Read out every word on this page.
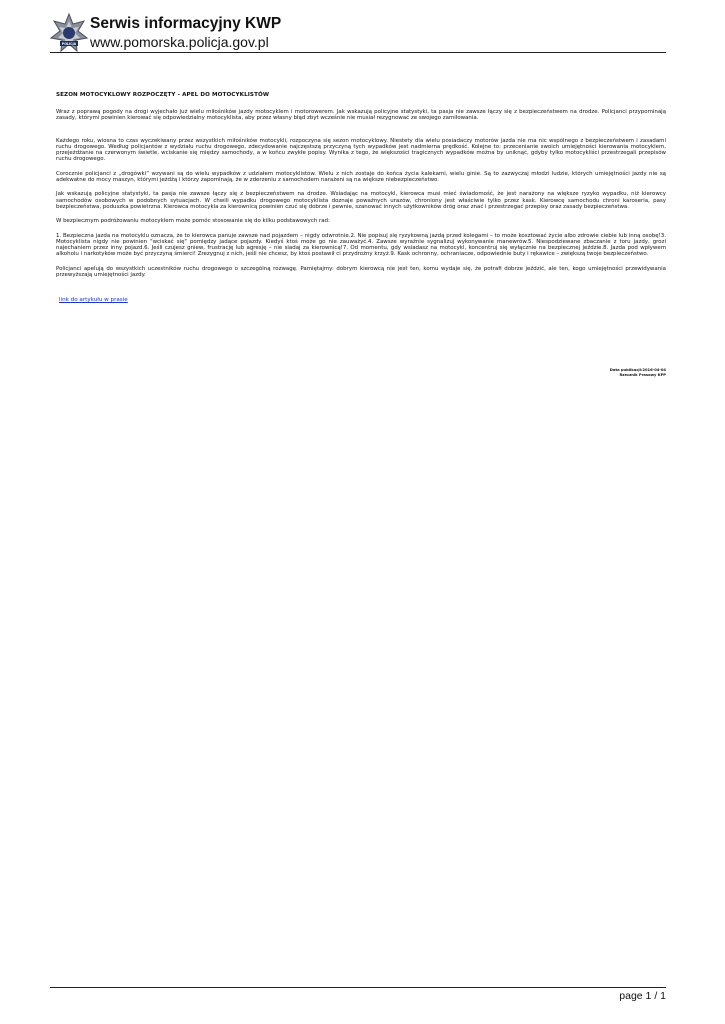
POLICJA
Serwis informacyjny KWP
www.pomorska.policja.gov.pl
SEZON MOTOCYKLOWY ROZPOCZĘTY - APEL DO MOTOCYKLISTÓW

Wraz z poprawą pogody na drogi wyjechało już wielu miłośników jazdy motocyklem i motorowerem. Jak wskazują policyjne statystyki, ta pasja nie zawsze łączy się z bezpieczeństwem na drodze. Policjanci przypominają zasady, którymi powinien kierować się odpowiedzialny motocyklista, aby przez własny błąd zbyt wcześnie nie musiał rezygnować ze swojego zamiłowania.

Każdego roku, wiosna to czas wyczekiwany przez wszystkich miłośników motocykli, rozpoczyna się sezon motocyklowy. Niestety dla wielu posiadaczy motorów jazda nie ma nic wspólnego z bezpieczeństwem i zasadami ruchu drogowego. Według policjantów z wydziału ruchu drogowego, zdecydowanie najczęstszą przyczyną tych wypadków jest nadmierna prędkość. Kolejne to: przecenianie swoich umiejętności kierowania motocyklem, przejeżdżanie na czerwonym świetle, wciskanie się między samochody, a w końcu zwykłe popisy. Wynika z tego, że większości tragicznych wypadków można by uniknąć, gdyby tylko motocykliści przestrzegali przepisów ruchu drogowego.

Corocznie policjanci z „drogówki” wzywani są do wielu wypadków z udziałem motocyklistów. Wielu z nich zostaje do końca życia kalekami, wielu ginie. Są to zazwyczaj młodzi ludzie, których umiejętności jazdy nie są adekwatne do mocy maszyn, którymi jeżdżą i którzy zapominają, że w zderzeniu z samochodem narażeni są na większe niebezpieczeństwo.

Jak wskazują policyjne statystyki, ta pasja nie zawsze łączy się z bezpieczeństwem na drodze. Wsiadając na motocykl, kierowca musi mieć świadomość, że jest narażony na większe ryzyko wypadku, niż kierowcy samochodów osobowych w podobnych sytuacjach. W chwili wypadku drogowego motocyklista doznaje poważnych urazów, chroniony jest właściwie tylko przez kask. Kierowcę samochodu chroni karoseria, pasy bezpieczeństwa, poduszka powietrzna. Kierowca motocykla za kierownicą powinien czuć się dobrze i pewnie, szanować innych użytkowników dróg oraz znać i przestrzegać przepisy oraz zasady bezpieczeństwa.

W bezpiecznym podróżowaniu motocyklem może pomóc stosowanie się do kilku podstawowych rad:

1. Bezpieczna jazda na motocyklu oznacza, że to kierowca panuje zawsze nad pojazdem – nigdy odwrotnie.2. Nie popisuj się ryzykowną jazdą przed kolegami – to może kosztować życie albo zdrowie ciebie lub inną osobę!3. Motocyklista nigdy nie powinien "wciskać się" pomiędzy jadące pojazdy. Kiedyś ktoś może go nie zauważyć.4. Zawsze wyraźnie sygnalizuj wykonywanie manewrów.5. Niespodziewane zbaczanie z toru jazdy, grozi najechaniem przez inny pojazd.6. Jeśli czujesz gniew, frustrację lub agresję – nie siadaj za kierownicą!7. Od momentu, gdy wsiadasz na motocykl, koncentruj się wyłącznie na bezpiecznej jeździe.8. Jazda pod wpływem alkoholu i narkotyków może być przyczyną śmierci! Zrezygnuj z nich, jeśli nie chcesz, by ktoś postawił ci przydrożny krzyż.9. Kask ochronny, ochraniacze, odpowiednie buty i rękawice – zwiększą twoje bezpieczeństwo.

Policjanci apelują do wszystkich uczestników ruchu drogowego o szczególną rozwagę. Pamiętajmy: dobrym kierowcą nie jest ten, komu wydaje się, że potrafi dobrze jeździć, ale ten, kogo umiejętności przewidywania przewyższają umiejętności jazdy.

link do artykułu w prasie
Data publikacji:2016-04-04
Rzecznik Prasowy KPP
page 1 / 1
